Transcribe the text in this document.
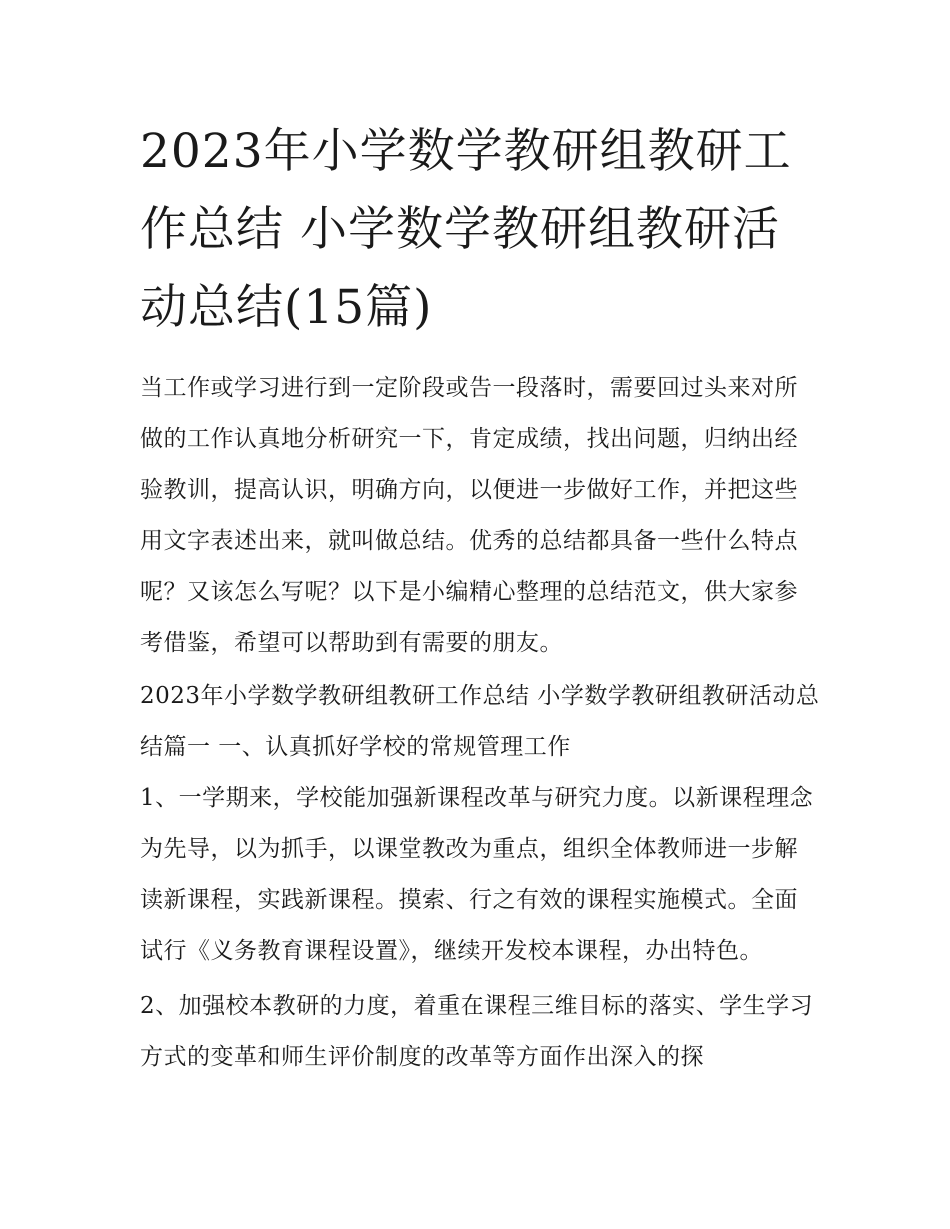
2023年小学数学教研组教研工作总结 小学数学教研组教研活动总结(15篇)

当工作或学习进行到一定阶段或告一段落时，需要回过头来对所做的工作认真地分析研究一下，肯定成绩，找出问题，归纳出经验教训，提高认识，明确方向，以便进一步做好工作，并把这些用文字表述出来，就叫做总结。优秀的总结都具备一些什么特点呢？又该怎么写呢？以下是小编精心整理的总结范文，供大家参考借鉴，希望可以帮助到有需要的朋友。

2023年小学数学教研组教研工作总结 小学数学教研组教研活动总结篇一 一、认真抓好学校的常规管理工作

1、一学期来，学校能加强新课程改革与研究力度。以新课程理念为先导，以为抓手，以课堂教改为重点，组织全体教师进一步解读新课程，实践新课程。摸索、行之有效的课程实施模式。全面试行《义务教育课程设置》，继续开发校本课程，办出特色。

2、加强校本教研的力度，着重在课程三维目标的落实、学生学习方式的变革和师生评价制度的改革等方面作出深入的探
